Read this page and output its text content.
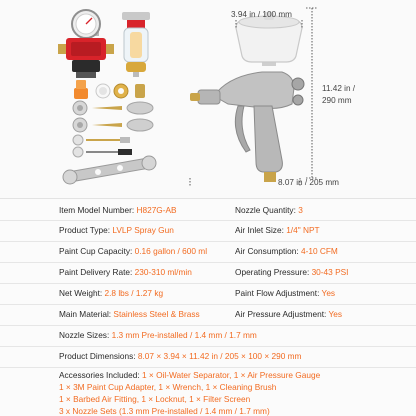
3.94 in / 100 mm
11.42 in /
290 mm
8.07 in / 205 mm
Item Model Number: H827G-AB	Nozzle Quantity: 3
Product Type: LVLP Spray Gun	Air Inlet Size: 1/4" NPT
Paint Cup Capacity: 0.16 gallon / 600 ml	Air Consumption: 4-10 CFM
Paint Delivery Rate: 230-310 ml/min	Operating Pressure: 30-43 PSI
Net Weight: 2.8 lbs / 1.27 kg	Paint Flow Adjustment: Yes
Main Material: Stainless Steel & Brass	Air Pressure Adjustment: Yes
Nozzle Sizes: 1.3 mm Pre-installed / 1.4 mm / 1.7 mm
Product Dimensions: 8.07 × 3.94 × 11.42 in / 205 × 100 × 290 mm
Accessories Included: 1 × Oil-Water Separator, 1 × Air Pressure Gauge
1 × 3M Paint Cup Adapter, 1 × Wrench, 1 × Cleaning Brush
1 × Barbed Air Fitting, 1 × Locknut, 1 × Filter Screen
3 x Nozzle Sets (1.3 mm Pre-installed / 1.4 mm / 1.7 mm)
